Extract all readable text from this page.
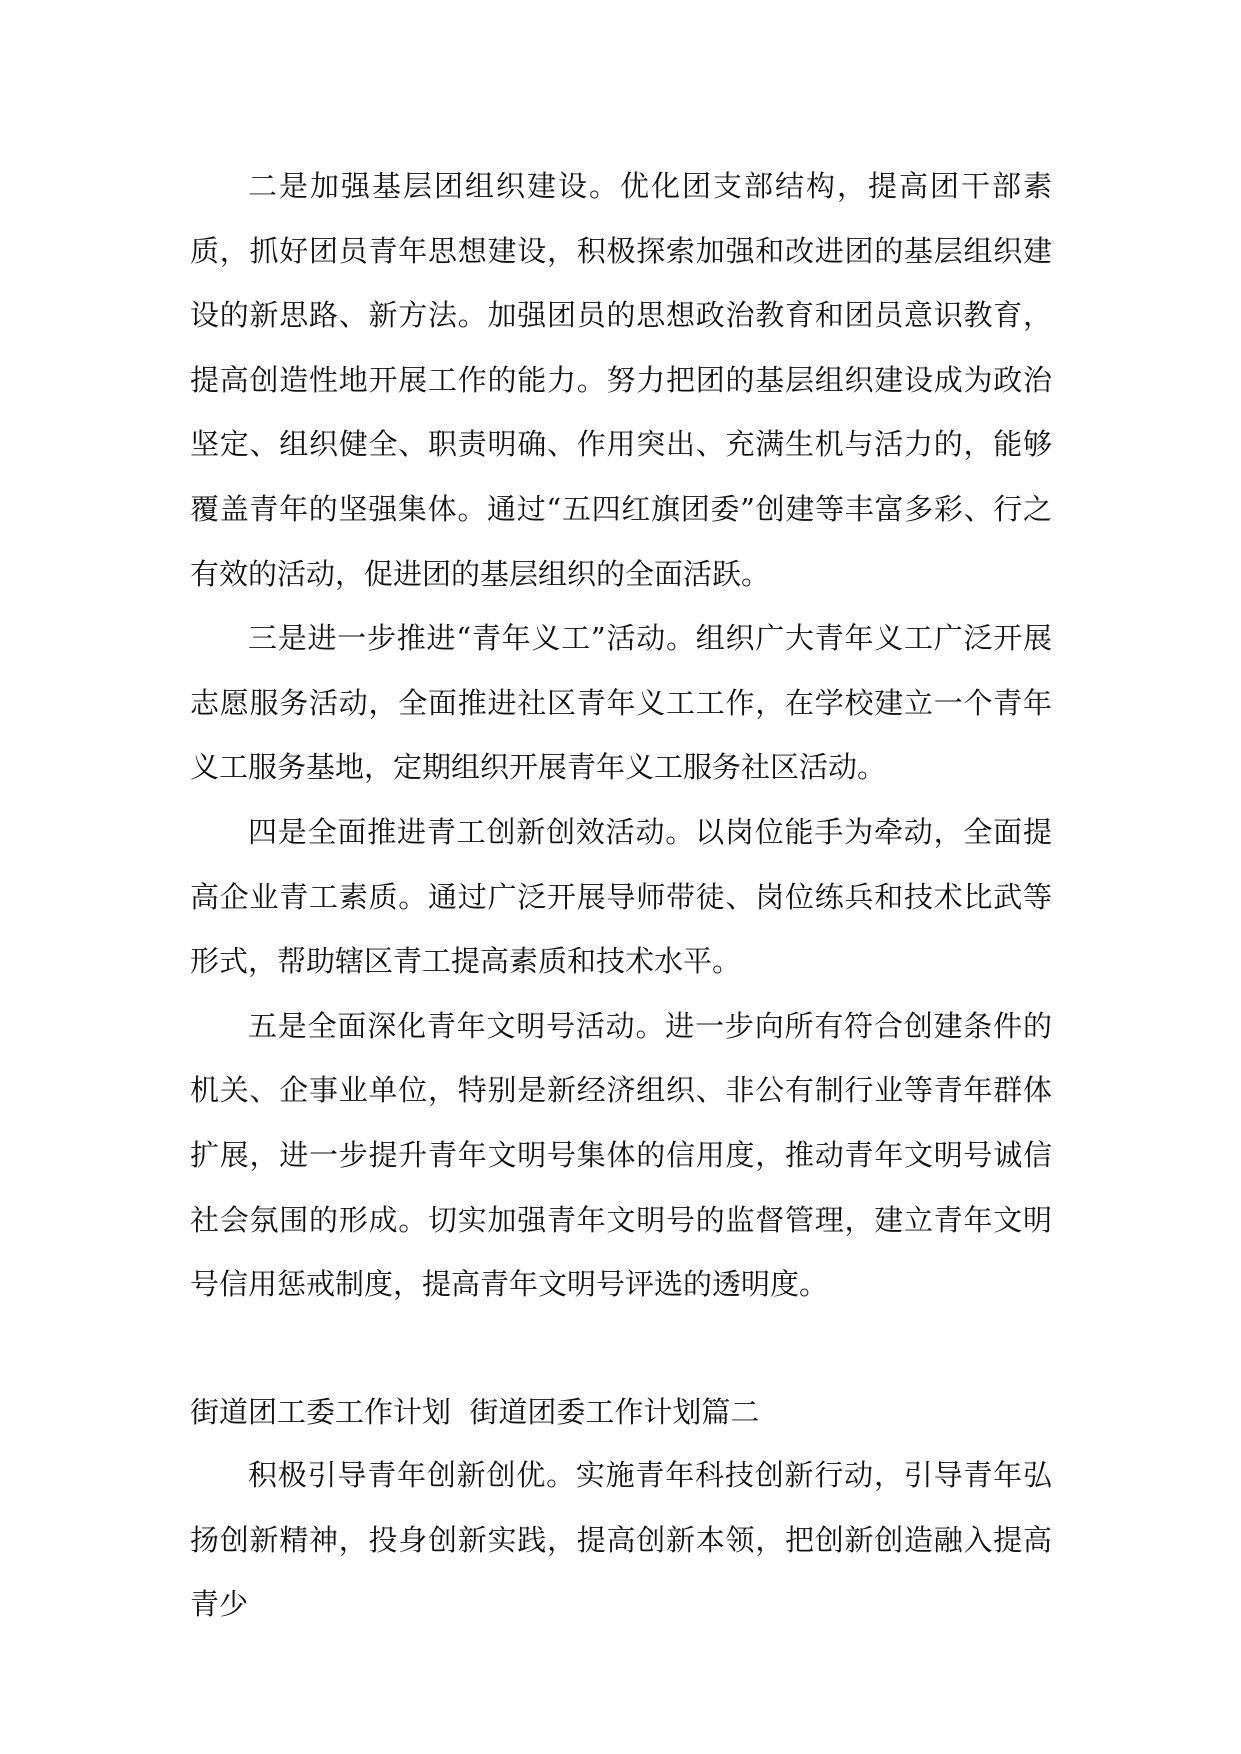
二是加强基层团组织建设。优化团支部结构，提高团干部素质，抓好团员青年思想建设，积极探索加强和改进团的基层组织建设的新思路、新方法。加强团员的思想政治教育和团员意识教育，提高创造性地开展工作的能力。努力把团的基层组织建设成为政治坚定、组织健全、职责明确、作用突出、充满生机与活力的，能够覆盖青年的坚强集体。通过“五四红旗团委”创建等丰富多彩、行之有效的活动，促进团的基层组织的全面活跃。

三是进一步推进“青年义工”活动。组织广大青年义工广泛开展志愿服务活动，全面推进社区青年义工工作，在学校建立一个青年义工服务基地，定期组织开展青年义工服务社区活动。

四是全面推进青工创新创效活动。以岗位能手为牵动，全面提高企业青工素质。通过广泛开展导师带徒、岗位练兵和技术比武等形式，帮助辖区青工提高素质和技术水平。

五是全面深化青年文明号活动。进一步向所有符合创建条件的机关、企事业单位，特别是新经济组织、非公有制行业等青年群体扩展，进一步提升青年文明号集体的信用度，推动青年文明号诚信社会氛围的形成。切实加强青年文明号的监督管理，建立青年文明号信用惩戒制度，提高青年文明号评选的透明度。

街道团工委工作计划  街道团委工作计划篇二

积极引导青年创新创优。实施青年科技创新行动，引导青年弘扬创新精神，投身创新实践，提高创新本领，把创新创造融入提高青少
